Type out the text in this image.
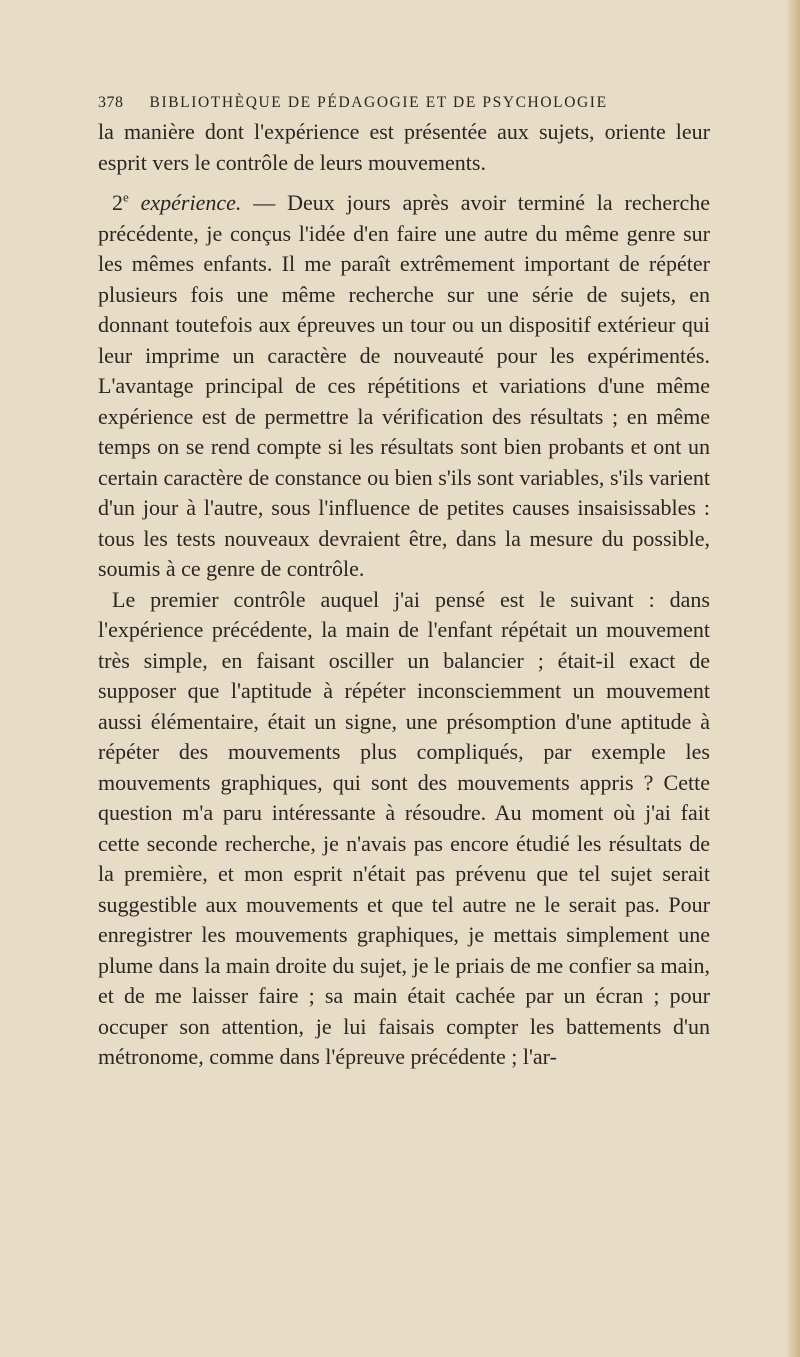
378 BIBLIOTHÈQUE DE PÉDAGOGIE ET DE PSYCHOLOGIE

la manière dont l'expérience est présentée aux sujets, oriente leur esprit vers le contrôle de leurs mouvements.

2e expérience. — Deux jours après avoir terminé la recherche précédente, je conçus l'idée d'en faire une autre du même genre sur les mêmes enfants. Il me paraît extrêmement important de répéter plusieurs fois une même recherche sur une série de sujets, en donnant toutefois aux épreuves un tour ou un dispositif extérieur qui leur imprime un caractère de nouveauté pour les expérimentés. L'avantage principal de ces répétitions et variations d'une même expérience est de permettre la vérification des résultats ; en même temps on se rend compte si les résultats sont bien probants et ont un certain caractère de constance ou bien s'ils sont variables, s'ils varient d'un jour à l'autre, sous l'influence de petites causes insaisissables : tous les tests nouveaux devraient être, dans la mesure du possible, soumis à ce genre de contrôle.

Le premier contrôle auquel j'ai pensé est le suivant : dans l'expérience précédente, la main de l'enfant répétait un mouvement très simple, en faisant osciller un balancier ; était-il exact de supposer que l'aptitude à répéter inconsciemment un mouvement aussi élémentaire, était un signe, une présomption d'une aptitude à répéter des mouvements plus compliqués, par exemple les mouvements graphiques, qui sont des mouvements appris ? Cette question m'a paru intéressante à résoudre. Au moment où j'ai fait cette seconde recherche, je n'avais pas encore étudié les résultats de la première, et mon esprit n'était pas prévenu que tel sujet serait suggestible aux mouvements et que tel autre ne le serait pas. Pour enregistrer les mouvements graphiques, je mettais simplement une plume dans la main droite du sujet, je le priais de me confier sa main, et de me laisser faire ; sa main était cachée par un écran ; pour occuper son attention, je lui faisais compter les battements d'un métronome, comme dans l'épreuve précédente ; l'ar-
